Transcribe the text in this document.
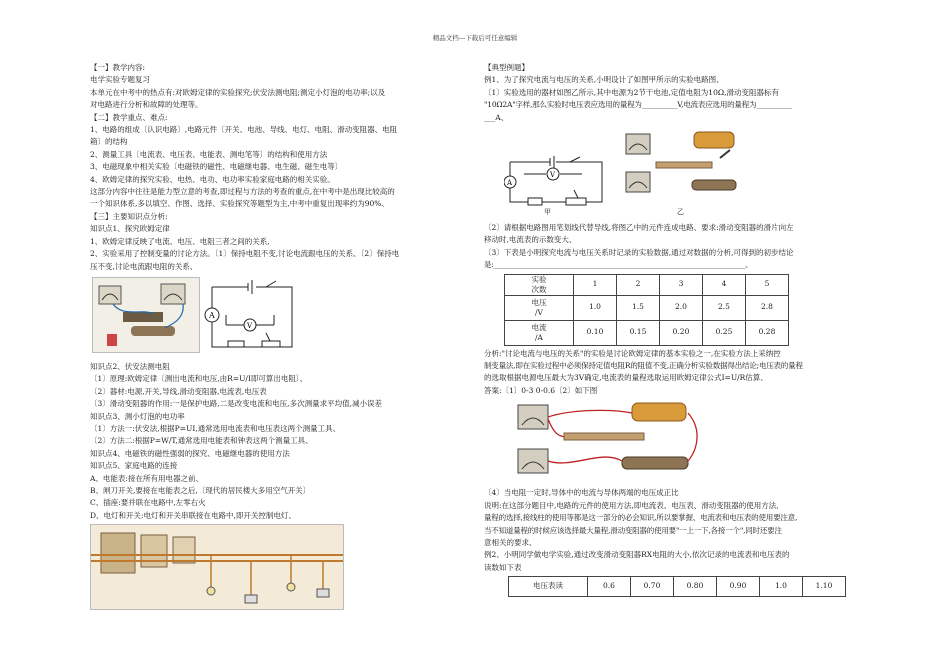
精品文档---下载后可任意编辑

【一】教学内容:

电学实验专题复习

本单元在中考中的热点有:对欧姆定律的实验探究;伏安法测电阻;测定小灯泡的电功率;以及

对电路进行分析和故障的处理等。

【二】教学重点、难点:

1、电路的组成〔认识电路〕,电路元件〔开关、电池、导线、电灯、电阻、滑动变阻器、电阻

箱〕的结构

2、测量工具〔电流表、电压表、电能表、测电笔等〕的结构和使用方法

3、电磁现象中相关实验〔电磁铁的磁性、电磁继电器、电生磁、磁生电等〕

4、欧姆定律的探究实验、电热、电功、电功率实验家庭电路的相关实验。

这部分内容中往往是能力型立意的考查,即过程与方法的考查的重点,在中考中是出现比较高的

一个知识体系,多以填空、作图、选择、实验探究等题型为主,中考中重复出现率约为90%、

【三】主要知识点分析:

知识点1、探究欧姆定律

1、欧姆定律反映了电流、电压、电阻三者之间的关系,

2、实验采用了控制变量的讨论方法。〔1〕保持电阻不变,讨论电流跟电压的关系、〔2〕保持电

压不变,讨论电流跟电阻的关系、

A
V

知识点2、伏安法测电阻

〔1〕原理:欧姆定律〔测出电流和电压,由R=U/I即可算出电阻〕、

〔2〕器材:电源,开关,导线,滑动变阻器,电流表,电压表

〔3〕滑动变阻器的作用:一是保护电路,二是改变电流和电压,多次测量求平均值,减小误差

知识点3、测小灯泡的电功率

〔1〕方法一:伏安法,根据P=UI,通常选用电流表和电压表这两个测量工具、

〔2〕方法二:根据P=W/T,通常选用电能表和钟表这两个测量工具、

知识点4、电磁铁的磁性强弱的探究、电磁继电器的使用方法

知识点5、家庭电路的连接

A、电能表:接在所有用电器之前、

B、闸刀开关,要接在电能表之后,〔现代的居民楼大多用空气开关〕

C、插座:要并联在电路中,左零右火

D、电灯和开关:电灯和开关串联接在电路中,即开关控制电灯、

【典型例题】

例1、为了探究电流与电压的关系,小明设计了如图甲所示的实验电路图、

〔1〕实验选用的器材如图乙所示,其中电源为2节干电池,定值电阻为10Ω,滑动变阻器标有

"10Ω2A"字样,那么实验时电压表应选用的量程为__________V,电流表应选用的量程为__________

___A、

A
V
甲	乙

〔2〕请根据电路图用笔划线代替导线,将图乙中的元件连成电路、要求:滑动变阻器的滑片向左

移动时,电流表的示数变大、

〔3〕下表是小明探究电流与电压关系时记录的实验数据,通过对数据的分析,可得到的初步结论

是:_________________________________________________________________________、

实验
次数	1	2	3	4	5
电压
/V	1.0	1.5	2.0	2.5	2.8
电流
/A	0.10	0.15	0.20	0.25	0.28

分析:"讨论电流与电压的关系"的实验是讨论欧姆定律的基本实验之一,在实验方法上采纳控

制变量法,即在实验过程中必须保持定值电阻R的阻值不变,正确分析实验数据得出结论;电压表的量程

的选取根据电源电压最大为3V确定,电流表的量程选取运用欧姆定律公式I=U/R估算、

答案:〔1〕0-3 0-0.6〔2〕如下图

〔4〕当电阻一定时,导体中的电流与导体两端的电压成正比

说明:在这部分题目中,电路的元件的使用方法,即电流表、电压表、滑动变阻器的使用方法,

量程的选择,接线柱的使用等都是这一部分的必会知识,所以要掌握、电流表和电压表的使用要注意,

当不知道量程的时候应该选择最大量程,滑动变阻器的使用要"一上一下,各接一个",同时还要注

意相关的要求、

例2、小明同学做电学实验,通过改变滑动变阻器RX电阻的大小,依次记录的电流表和电压表的

读数如下表

电压表读	0.6	0.70	0.80	0.90	1.0	1.10
